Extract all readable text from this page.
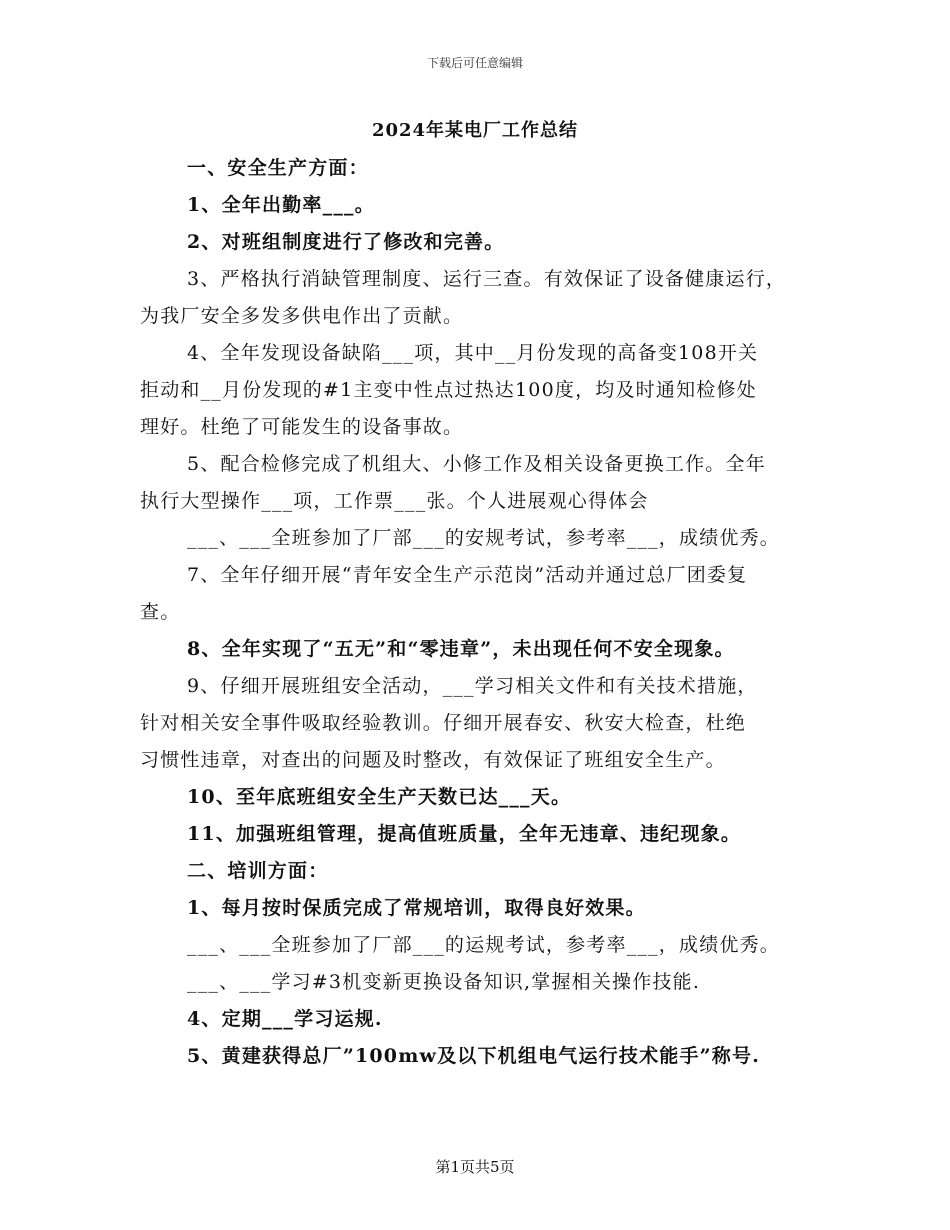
下载后可任意编辑
2024年某电厂工作总结
一、安全生产方面：
1、全年出勤率___。
2、对班组制度进行了修改和完善。
3、严格执行消缺管理制度、运行三查。有效保证了设备健康运行，
为我厂安全多发多供电作出了贡献。
4、全年发现设备缺陷___项，其中__月份发现的高备变108开关
拒动和__月份发现的#1主变中性点过热达100度，均及时通知检修处
理好。杜绝了可能发生的设备事故。
5、配合检修完成了机组大、小修工作及相关设备更换工作。全年
执行大型操作___项，工作票___张。个人进展观心得体会
___、___全班参加了厂部___的安规考试，参考率___，成绩优秀。
7、全年仔细开展“青年安全生产示范岗”活动并通过总厂团委复
查。
8、全年实现了“五无”和“零违章”，未出现任何不安全现象。
9、仔细开展班组安全活动，___学习相关文件和有关技术措施，
针对相关安全事件吸取经验教训。仔细开展春安、秋安大检查，杜绝
习惯性违章，对查出的问题及时整改，有效保证了班组安全生产。
10、至年底班组安全生产天数已达___天。
11、加强班组管理，提高值班质量，全年无违章、违纪现象。
二、培训方面：
1、每月按时保质完成了常规培训，取得良好效果。
___、___全班参加了厂部___的运规考试，参考率___，成绩优秀。
___、___学习#3机变新更换设备知识,掌握相关操作技能.
4、定期___学习运规.
5、黄建获得总厂”100mw及以下机组电气运行技术能手”称号.
第1页共5页
